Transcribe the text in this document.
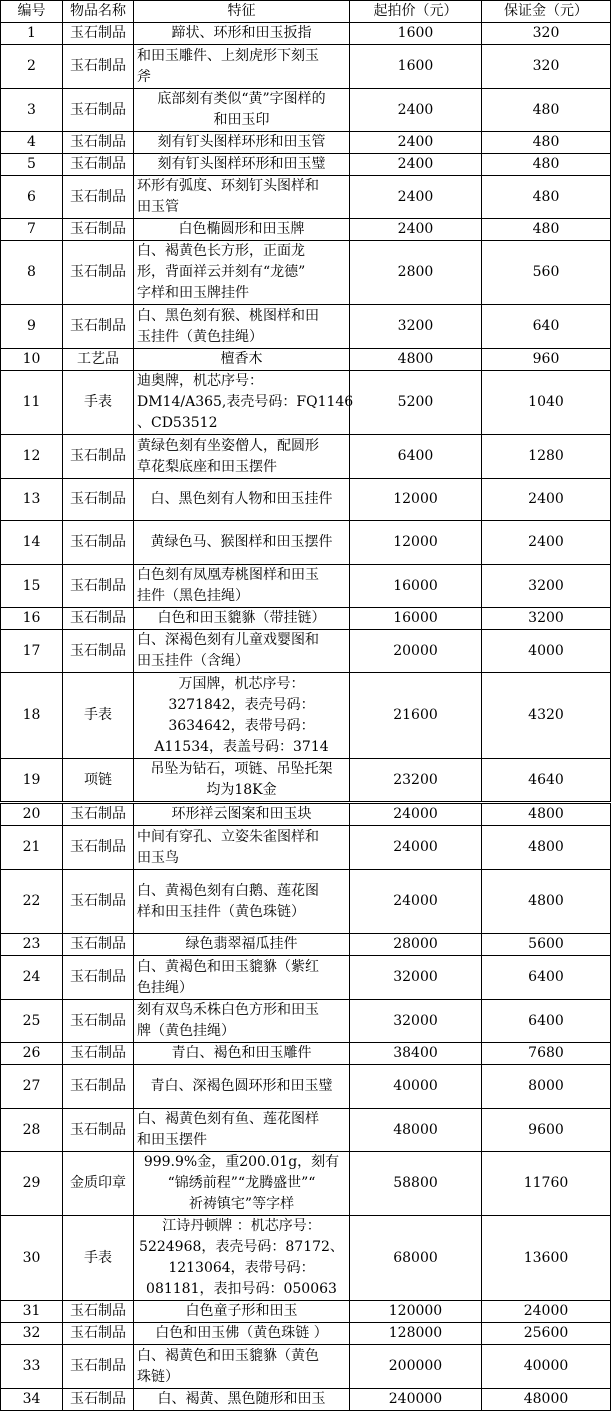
编号	物品名称	特征	起拍价（元）	保证金（元）
1	玉石制品	蹄状、环形和田玉扳指	1600	320
2	玉石制品	和田玉雕件、上刻虎形下刻玉
斧	1600	320
3	玉石制品	底部刻有类似“黄”字图样的
和田玉印	2400	480
4	玉石制品	刻有钉头图样环形和田玉管	2400	480
5	玉石制品	刻有钉头图样环形和田玉璧	2400	480
6	玉石制品	环形有弧度、环刻钉头图样和
田玉管	2400	480
7	玉石制品	白色椭圆形和田玉牌	2400	480
8	玉石制品	白、褐黄色长方形，正面龙
形，背面祥云并刻有“龙德”
字样和田玉牌挂件	2800	560
9	玉石制品	白、黑色刻有猴、桃图样和田
玉挂件（黄色挂绳）	3200	640
10	工艺品	檀香木	4800	960
11	手表	迪奥牌，机芯序号：
DM14/A365,表壳号码：FQ1146
、CD53512	5200	1040
12	玉石制品	黄绿色刻有坐姿僧人，配圆形
草花梨底座和田玉摆件	6400	1280
13	玉石制品	白、黑色刻有人物和田玉挂件	12000	2400
14	玉石制品	黄绿色马、猴图样和田玉摆件	12000	2400
15	玉石制品	白色刻有凤凰寿桃图样和田玉
挂件（黑色挂绳）	16000	3200
16	玉石制品	白色和田玉貔貅（带挂链）	16000	3200
17	玉石制品	白、深褐色刻有儿童戏婴图和
田玉挂件（含绳）	20000	4000
18	手表	万国牌，机芯序号：
3271842，表壳号码：
3634642，表带号码：
A11534，表盖号码：3714	21600	4320
19	项链	吊坠为钻石，项链、吊坠托架
均为18K金	23200	4640
20	玉石制品	环形祥云图案和田玉块	24000	4800
21	玉石制品	中间有穿孔、立姿朱雀图样和
田玉鸟	24000	4800
22	玉石制品	白、黄褐色刻有白鹅、莲花图
样和田玉挂件（黄色珠链）	24000	4800
23	玉石制品	绿色翡翠福瓜挂件	28000	5600
24	玉石制品	白、黄褐色和田玉貔貅（紫红
色挂绳）	32000	6400
25	玉石制品	刻有双鸟禾株白色方形和田玉
牌（黄色挂绳）	32000	6400
26	玉石制品	青白、褐色和田玉雕件	38400	7680
27	玉石制品	青白、深褐色圆环形和田玉璧	40000	8000
28	玉石制品	白、褐黄色刻有鱼、莲花图样
和田玉摆件	48000	9600
29	金质印章	999.9%金，重200.01g，刻有
“锦绣前程”“龙腾盛世”“
祈祷镇宅”等字样	58800	11760
30	手表	江诗丹顿牌 ：机芯序号：
5224968，表壳号码：87172、
1213064，表带号码：
081181，表扣号码：050063	68000	13600
31	玉石制品	白色童子形和田玉	120000	24000
32	玉石制品	白色和田玉佛（黄色珠链 ）	128000	25600
33	玉石制品	白、褐黄色和田玉貔貅（黄色
珠链）	200000	40000
34	玉石制品	白、褐黄、黑色随形和田玉	240000	48000
